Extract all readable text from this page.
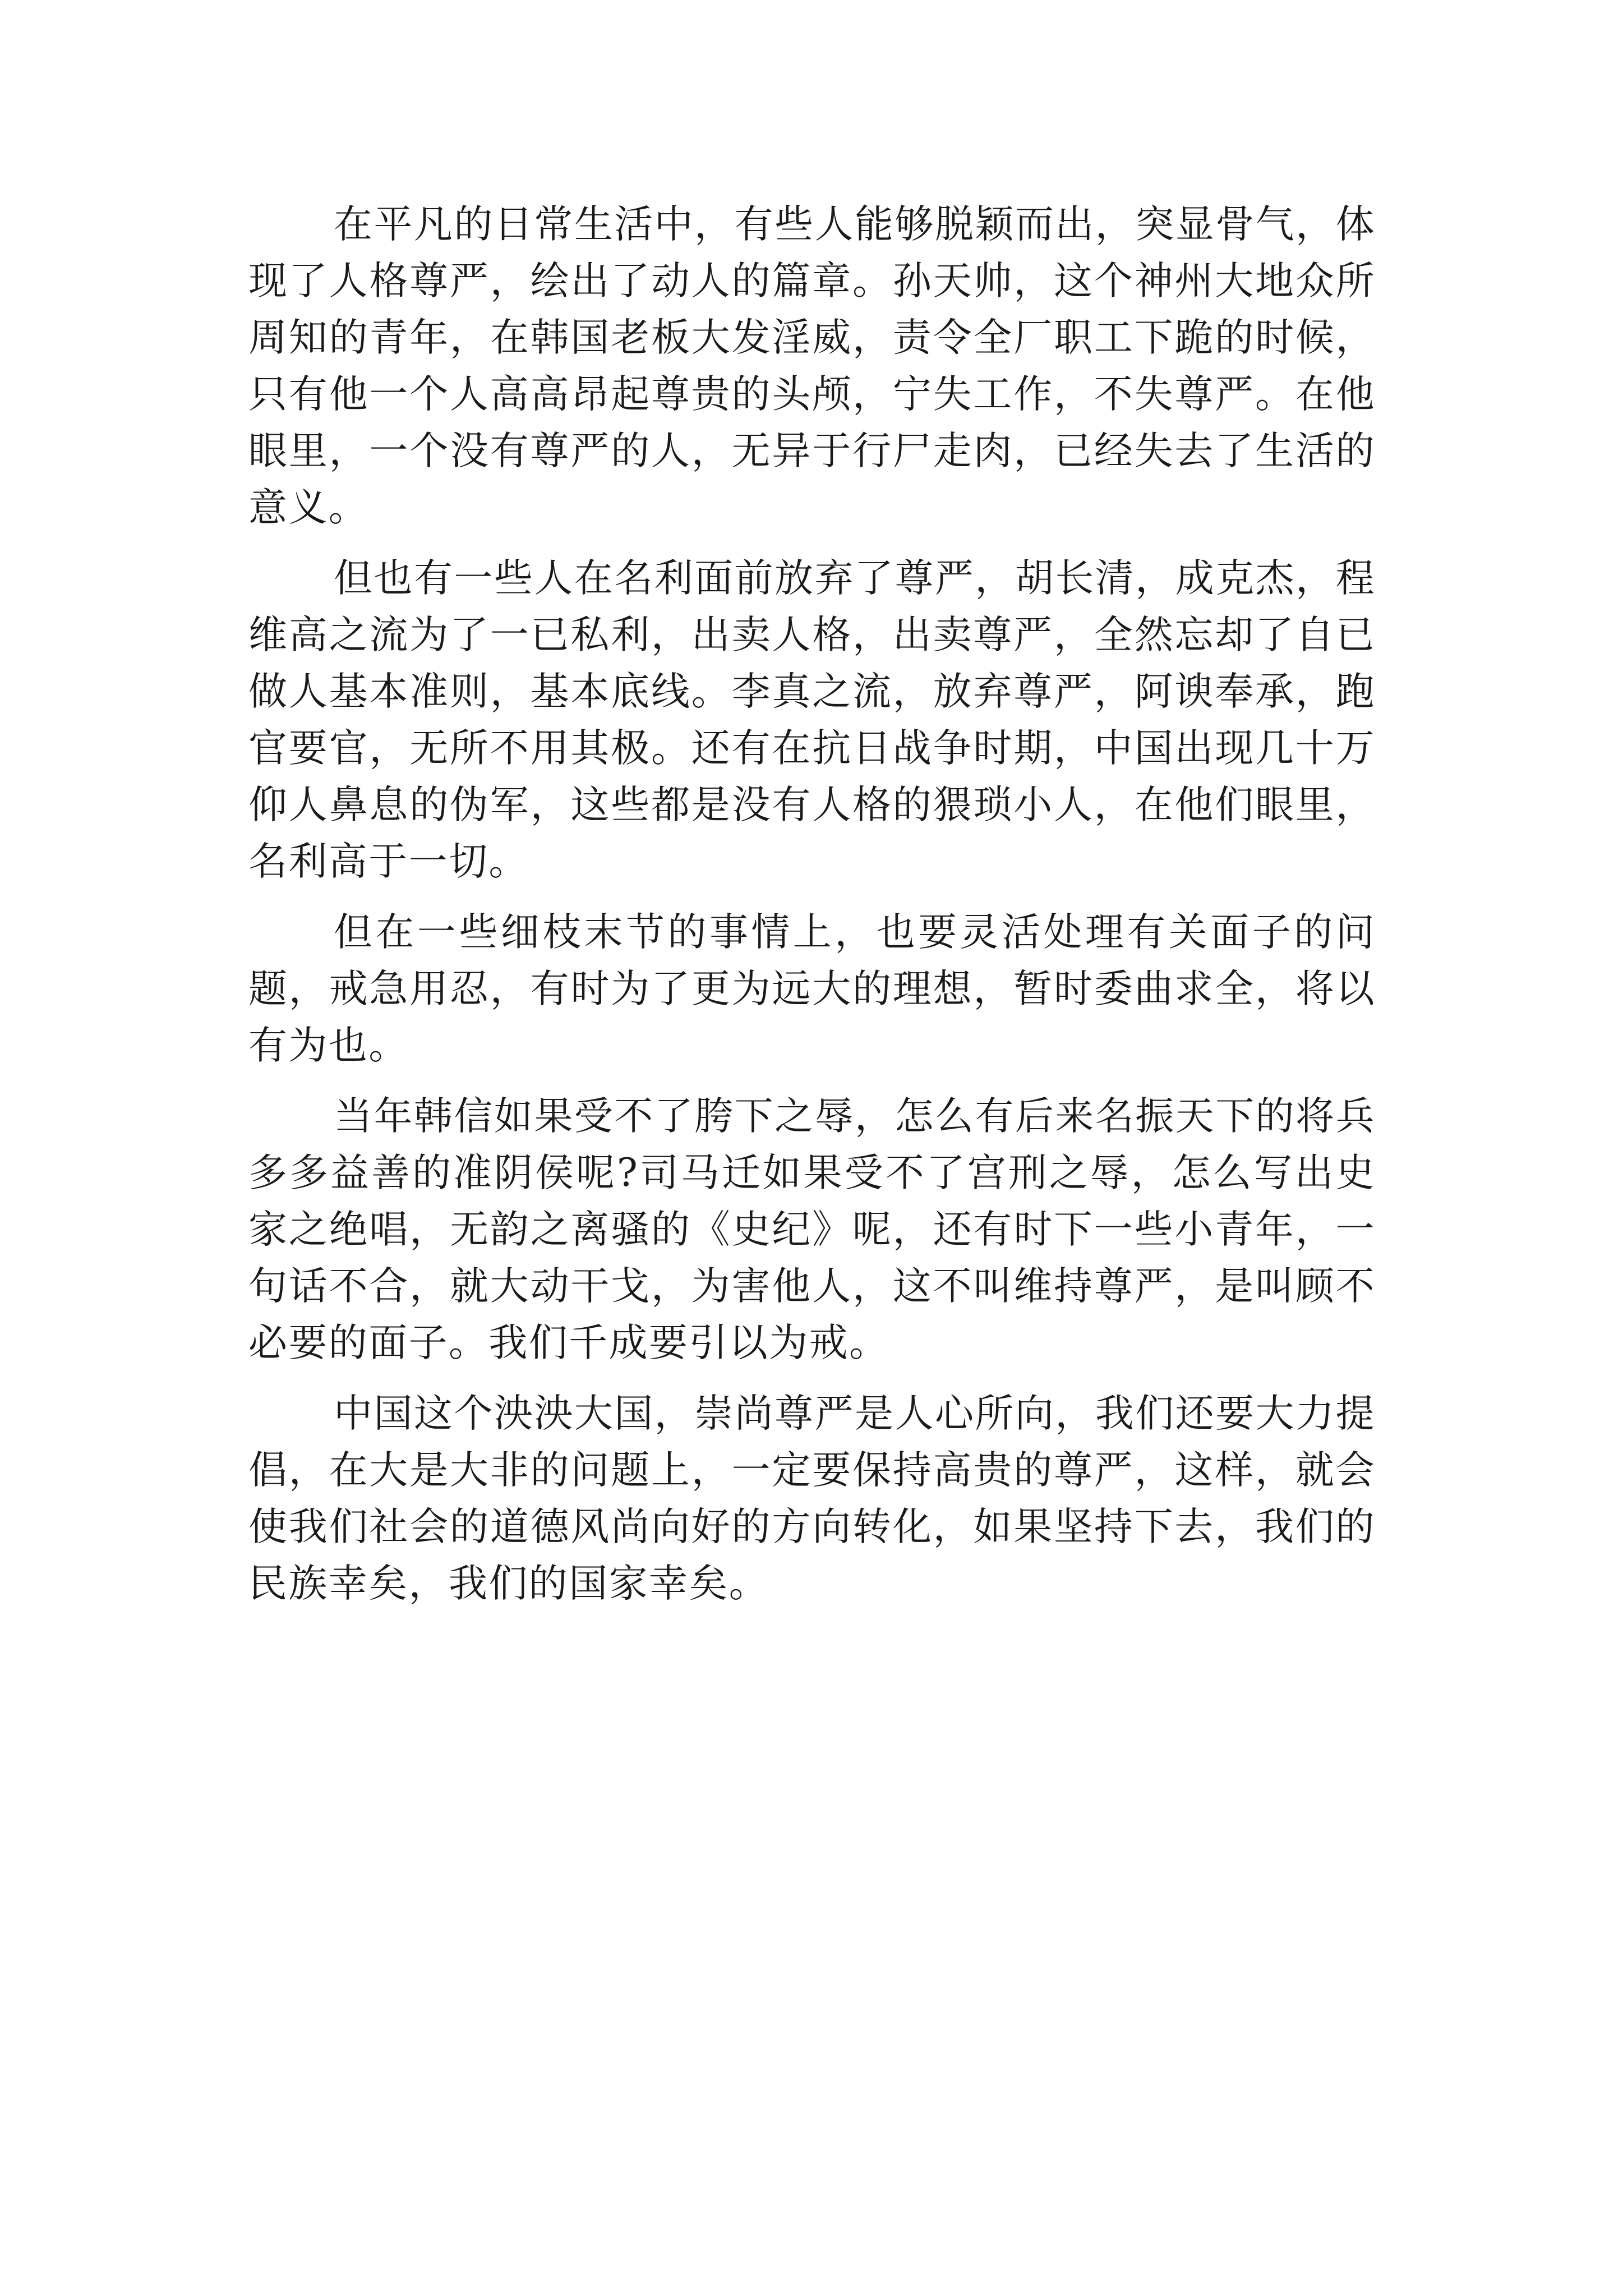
在平凡的日常生活中，有些人能够脱颖而出，突显骨气，体现了人格尊严，绘出了动人的篇章。孙天帅，这个神州大地众所周知的青年，在韩国老板大发淫威，责令全厂职工下跪的时候，只有他一个人高高昂起尊贵的头颅，宁失工作，不失尊严。在他眼里，一个没有尊严的人，无异于行尸走肉，已经失去了生活的意义。

但也有一些人在名利面前放弃了尊严，胡长清，成克杰，程维高之流为了一已私利，出卖人格，出卖尊严，全然忘却了自已做人基本准则，基本底线。李真之流，放弃尊严，阿谀奉承，跑官要官，无所不用其极。还有在抗日战争时期，中国出现几十万仰人鼻息的伪军，这些都是没有人格的猥琐小人，在他们眼里，名利高于一切。

但在一些细枝末节的事情上，也要灵活处理有关面子的问题，戒急用忍，有时为了更为远大的理想，暂时委曲求全，将以有为也。

当年韩信如果受不了胯下之辱，怎么有后来名振天下的将兵多多益善的准阴侯呢?司马迁如果受不了宫刑之辱，怎么写出史家之绝唱，无韵之离骚的《史纪》呢，还有时下一些小青年，一句话不合，就大动干戈，为害他人，这不叫维持尊严，是叫顾不必要的面子。我们千成要引以为戒。

中国这个泱泱大国，崇尚尊严是人心所向，我们还要大力提倡，在大是大非的问题上，一定要保持高贵的尊严，这样，就会使我们社会的道德风尚向好的方向转化，如果坚持下去，我们的民族幸矣，我们的国家幸矣。
